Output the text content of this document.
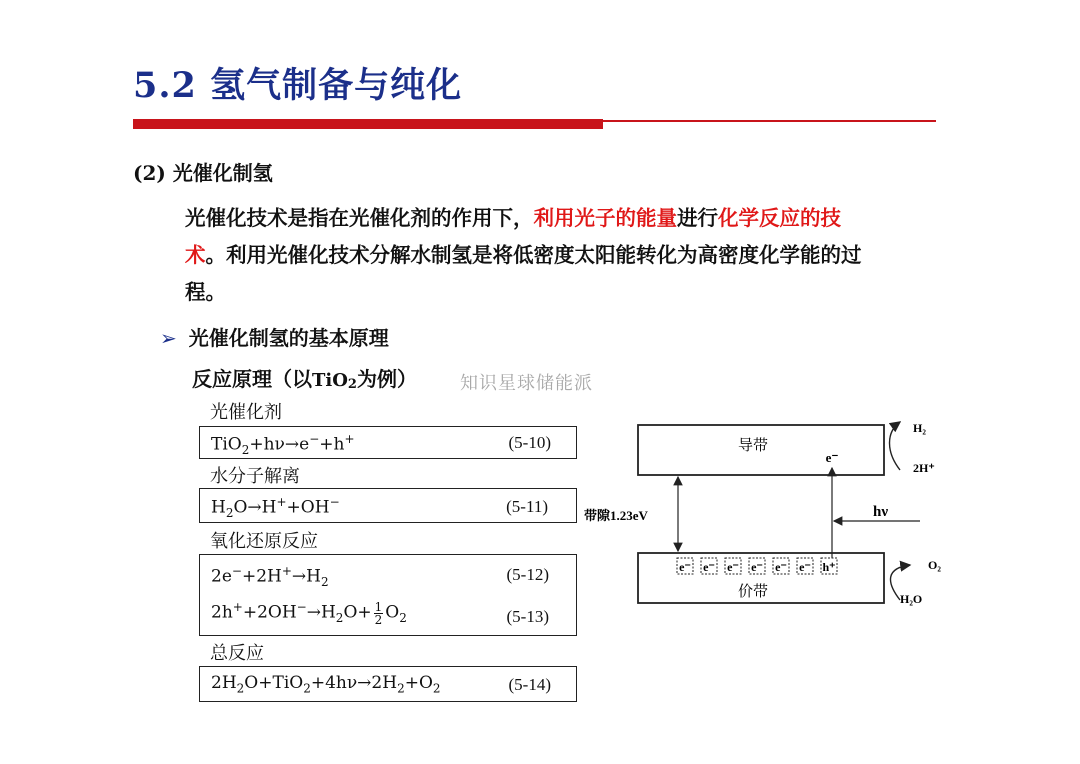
5.2 氢气制备与纯化
(2) 光催化制氢
光催化技术是指在光催化剂的作用下，利用光子的能量进行化学反应的技术。利用光催化技术分解水制氢是将低密度太阳能转化为高密度化学能的过程。
➢ 光催化制氢的基本原理
反应原理（以TiO2为例） 知识星球储能派
光催化剂
TiO$_2$+hν→e−+h+	(5-10)
水分子解离
$H_2O\to H^++OH^-$	(5-11)
氧化还原反应
$2e^-+2H^+\to H_2$	(5-12)
$2h^++2OH^-\to H_2O+ \frac{1}{2} O_2$	(5-13)
总反应
$2H_2O+TiO_2+4h\nu\to 2H_2+O_2$	(5-14)
导带
价带
带隙1.23eV
e⁻
hν
e⁻ e⁻ e⁻ e⁻ e⁻ e⁻ h⁺
H₂
2H⁺
O₂
H₂O
